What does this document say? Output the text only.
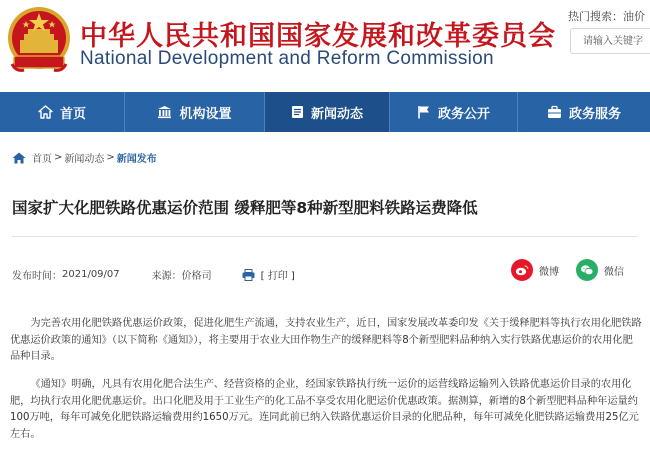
中华人民共和国国家发展和改革委员会
National Development and Reform Commission
热门搜索：油价
请输入关键字
首页	机构设置	新闻动态	政务公开	政务服务
首页 > 新闻动态 > 新闻发布
国家扩大化肥铁路优惠运价范围 缓释肥等8种新型肥料铁路运费降低
发布时间： 2021/09/07	来源： 价格司	[ 打印 ]	微博	微信

为完善农用化肥铁路优惠运价政策，促进化肥生产流通，支持农业生产，近日，国家发展改革委印发《关于缓释肥料等执行农用化肥铁路优惠运价政策的通知》（以下简称《通知》），将主要用于农业大田作物生产的缓释肥料等8个新型肥料品种纳入实行铁路优惠运价的农用化肥品种目录。

《通知》明确，凡具有农用化肥合法生产、经营资格的企业，经国家铁路执行统一运价的运营线路运输列入铁路优惠运价目录的农用化肥，均执行农用化肥优惠运价。出口化肥及用于工业生产的化工品不享受农用化肥运价优惠政策。据测算，新增的8个新型肥料品种年运量约100万吨，每年可减免化肥铁路运输费用约1650万元。连同此前已纳入铁路优惠运价目录的化肥品种，每年可减免化肥铁路运输费用25亿元左右。
